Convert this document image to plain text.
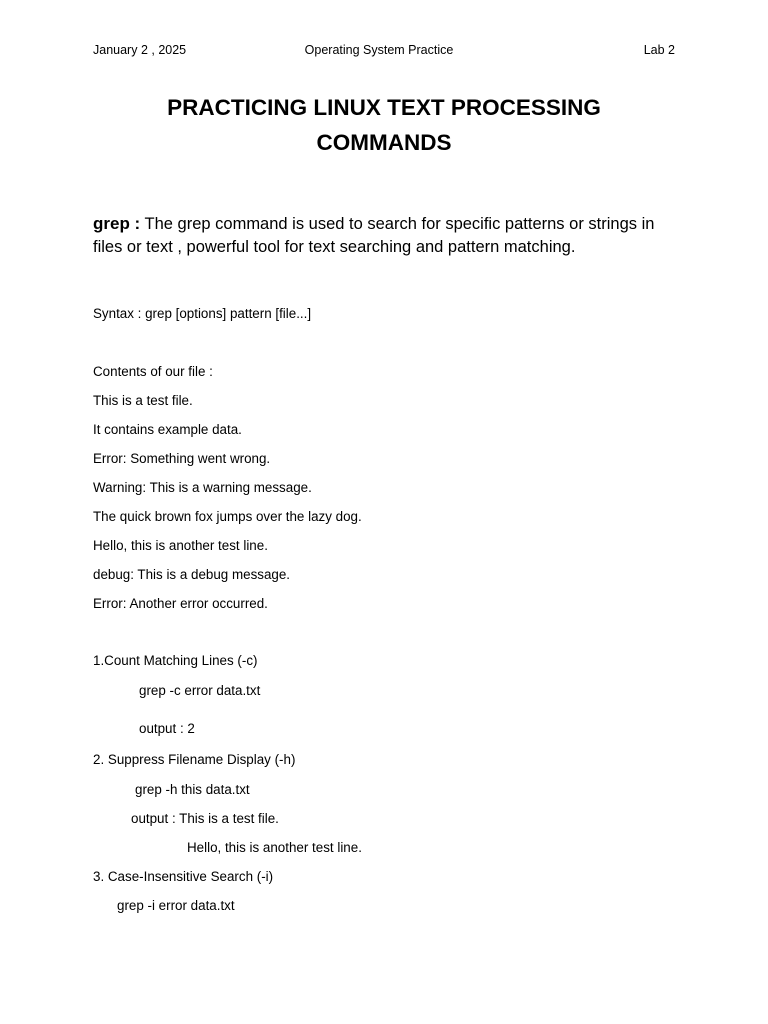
January 2 , 2025	Operating System Practice	Lab 2
PRACTICING LINUX TEXT PROCESSING
COMMANDS

grep : The grep command is used to search for specific patterns or strings in files or text , powerful tool for text searching and pattern matching.

Syntax : grep [options] pattern [file...]

Contents of our file :

This is a test file.

It contains example data.

Error: Something went wrong.

Warning: This is a warning message.

The quick brown fox jumps over the lazy dog.

Hello, this is another test line.

debug: This is a debug message.

Error: Another error occurred.

1.Count Matching Lines (-c)

grep -c error data.txt

output : 2

2. Suppress Filename Display (-h)

grep -h this data.txt

output : This is a test file.

Hello, this is another test line.

3. Case-Insensitive Search (-i)

grep -i error data.txt
